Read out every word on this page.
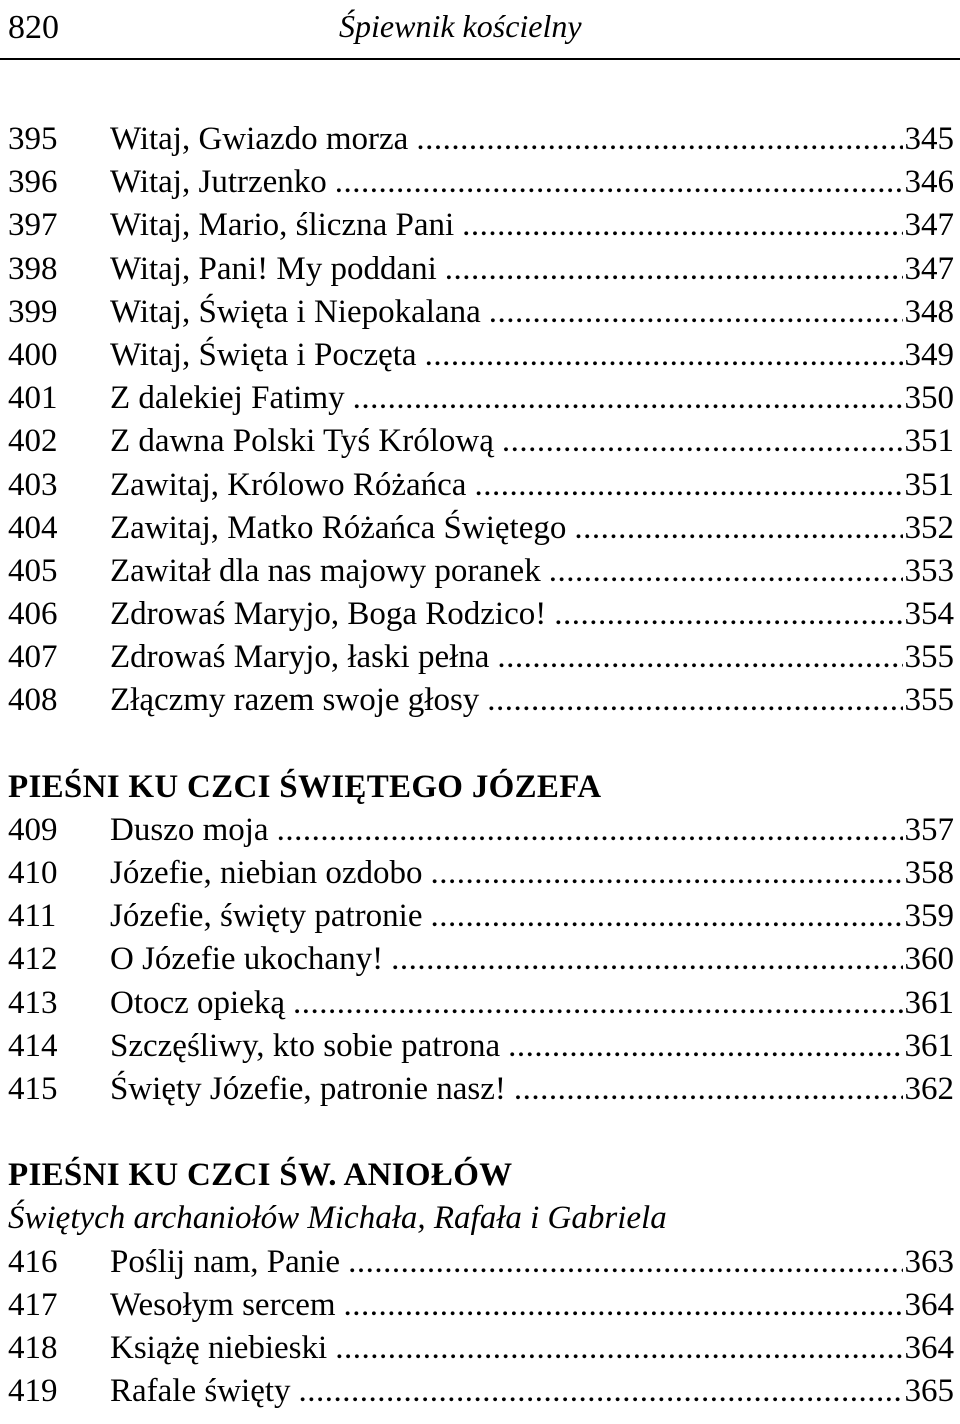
820	Śpiewnik kościelny
395	Witaj, Gwiazdo morza .....	345
396	Witaj, Jutrzenko .....	346
397	Witaj, Mario, śliczna Pani .....	347
398	Witaj, Pani! My poddani .....	347
399	Witaj, Święta i Niepokalana .....	348
400	Witaj, Święta i Poczęta .....	349
401	Z dalekiej Fatimy .....	350
402	Z dawna Polski Tyś Królową .....	351
403	Zawitaj, Królowo Różańca .....	351
404	Zawitaj, Matko Różańca Świętego .....	352
405	Zawitał dla nas majowy poranek .....	353
406	Zdrowaś Maryjo, Boga Rodzico! .....	354
407	Zdrowaś Maryjo, łaski pełna .....	355
408	Złączmy razem swoje głosy .....	355
PIEŚNI KU CZCI ŚWIĘTEGO JÓZEFA
409	Duszo moja .....	357
410	Józefie, niebian ozdobo .....	358
411	Józefie, święty patronie .....	359
412	O Józefie ukochany! .....	360
413	Otocz opieką .....	361
414	Szczęśliwy, kto sobie patrona .....	361
415	Święty Józefie, patronie nasz! .....	362
PIEŚNI KU CZCI ŚW. ANIOŁÓW
Świętych archaniołów Michała, Rafała i Gabriela
416	Poślij nam, Panie .....	363
417	Wesołym sercem .....	364
418	Książę niebieski .....	364
419	Rafale święty .....	365
